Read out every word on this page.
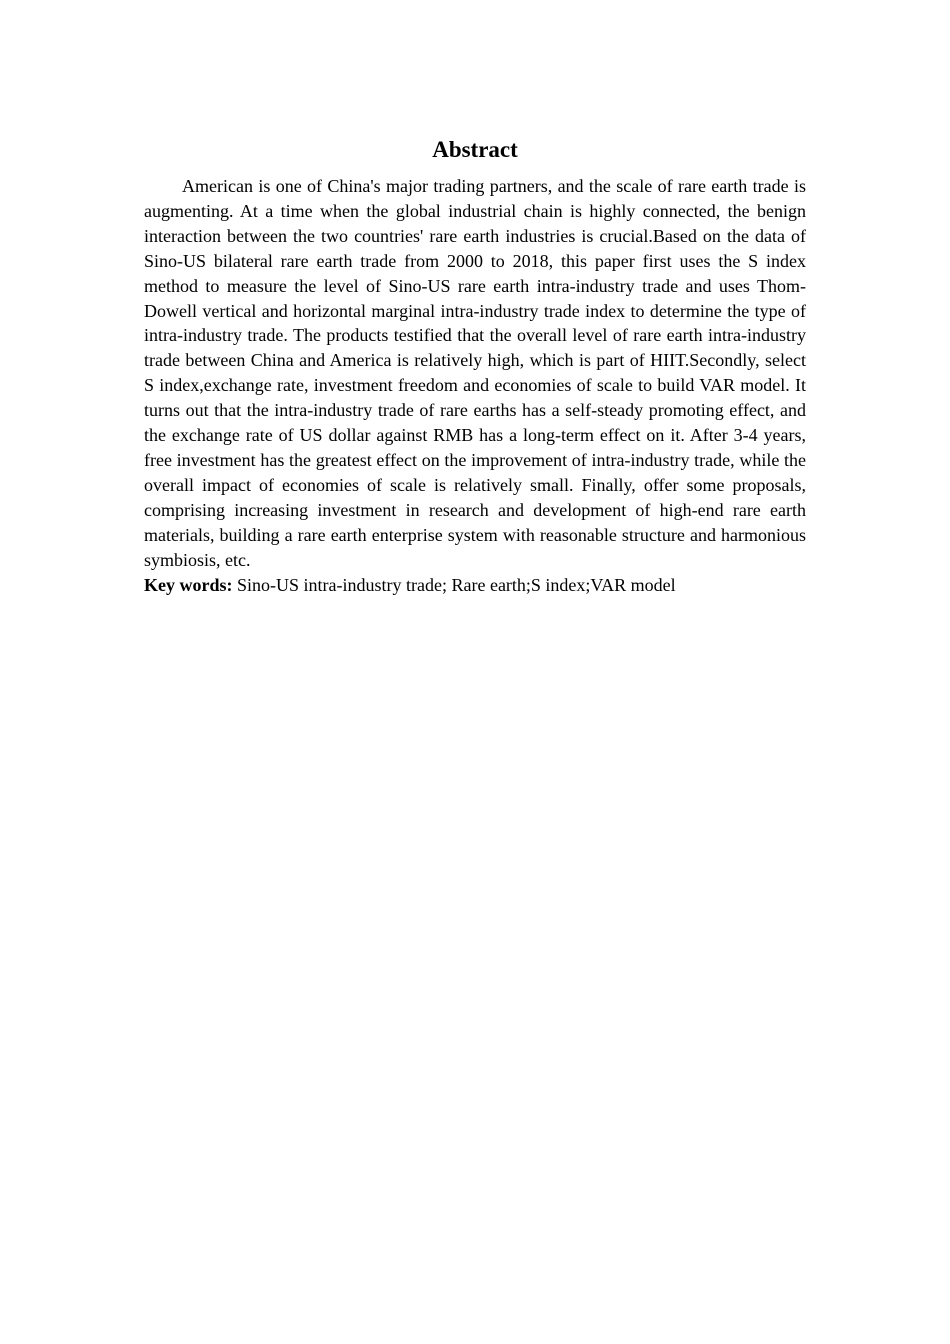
Abstract

American is one of China's major trading partners, and the scale of rare earth trade is augmenting. At a time when the global industrial chain is highly connected, the benign interaction between the two countries' rare earth industries is crucial.Based on the data of Sino-US bilateral rare earth trade from 2000 to 2018, this paper first uses the S index method to measure the level of Sino-US rare earth intra-industry trade and uses Thom-Dowell vertical and horizontal marginal intra-industry trade index to determine the type of intra-industry trade. The products testified that the overall level of rare earth intra-industry trade between China and America is relatively high, which is part of HIIT.Secondly, select S index,exchange rate, investment freedom and economies of scale to build VAR model. It turns out that the intra-industry trade of rare earths has a self-steady promoting effect, and the exchange rate of US dollar against RMB has a long-term effect on it. After 3-4 years, free investment has the greatest effect on the improvement of intra-industry trade, while the overall impact of economies of scale is relatively small. Finally, offer some proposals, comprising increasing investment in research and development of high-end rare earth materials, building a rare earth enterprise system with reasonable structure and harmonious symbiosis, etc.

Key words: Sino-US intra-industry trade; Rare earth;S index;VAR model
